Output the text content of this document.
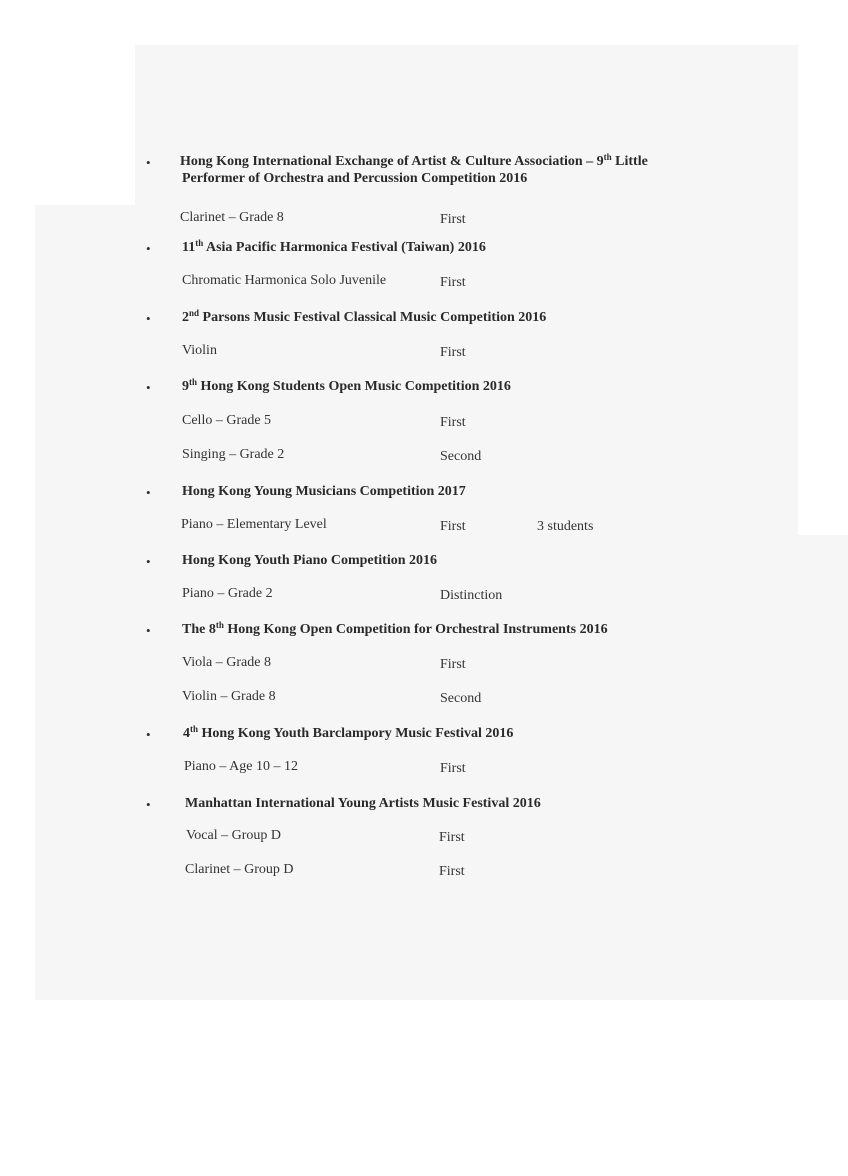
• Hong Kong International Exchange of Artist & Culture Association – 9th Little
Performer of Orchestra and Percussion Competition 2016
Clarinet – Grade 8	First
• 11th Asia Pacific Harmonica Festival (Taiwan) 2016
Chromatic Harmonica Solo Juvenile	First
• 2nd Parsons Music Festival Classical Music Competition 2016
Violin	First
• 9th Hong Kong Students Open Music Competition 2016
Cello – Grade 5	First
Singing – Grade 2	Second
• Hong Kong Young Musicians Competition 2017
Piano – Elementary Level	First	3 students
• Hong Kong Youth Piano Competition 2016
Piano – Grade 2	Distinction
• The 8th Hong Kong Open Competition for Orchestral Instruments 2016
Viola – Grade 8	First
Violin – Grade 8	Second
• 4th Hong Kong Youth Barclampory Music Festival 2016
Piano – Age 10 – 12	First
• Manhattan International Young Artists Music Festival 2016
Vocal – Group D	First
Clarinet – Group D	First
